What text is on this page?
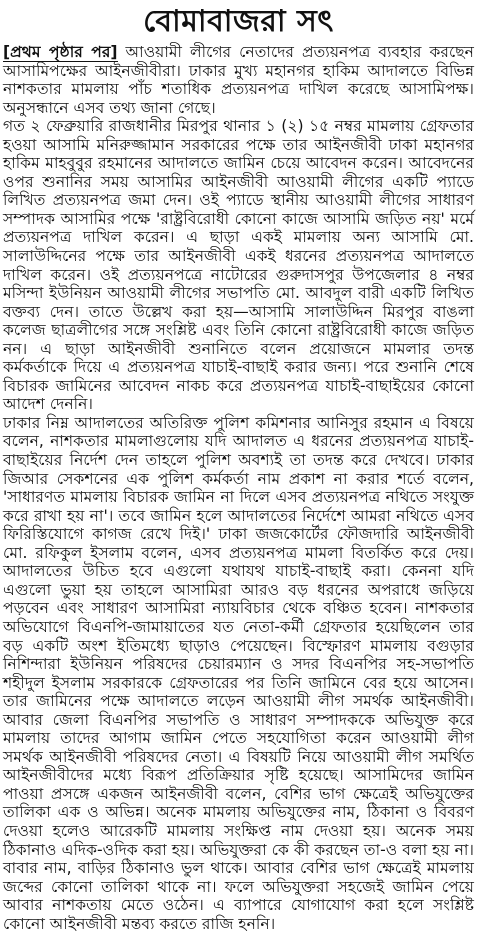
বোমাবাজরা সৎ

[প্রথম পৃষ্ঠার পর] আওয়ামী লীগের নেতাদের প্রত্যয়নপত্র ব্যবহার করছেন আসামিপক্ষের আইনজীবীরা। ঢাকার মুখ্য মহানগর হাকিম আদালতে বিভিন্ন নাশকতার মামলায় পাঁচ শতাধিক প্রত্যয়নপত্র দাখিল করেছে আসামিপক্ষ। অনুসন্ধানে এসব তথ্য জানা গেছে।

গত ২ ফেব্রুয়ারি রাজধানীর মিরপুর থানার ১ (২) ১৫ নম্বর মামলায় গ্রেফতার হওয়া আসামি মনিরুজ্জামান সরকারের পক্ষে তার আইনজীবী ঢাকা মহানগর হাকিম মাহবুবুর রহমানের আদালতে জামিন চেয়ে আবেদন করেন। আবেদনের ওপর শুনানির সময় আসামির আইনজীবী আওয়ামী লীগের একটি প্যাডে লিখিত প্রত্যয়নপত্র জমা দেন। ওই প্যাডে স্থানীয় আওয়ামী লীগের সাধারণ সম্পাদক আসামির পক্ষে 'রাষ্ট্রবিরোধী কোনো কাজে আসামি জড়িত নয়' মর্মে প্রত্যয়নপত্র দাখিল করেন। এ ছাড়া একই মামলায় অন্য আসামি মো. সালাউদ্দিনের পক্ষে তার আইনজীবী একই ধরনের প্রত্যয়নপত্র আদালতে দাখিল করেন। ওই প্রত্যয়নপত্রে নাটোরের গুরুদাসপুর উপজেলার ৪ নম্বর মসিন্দা ইউনিয়ন আওয়ামী লীগের সভাপতি মো. আবদুল বারী একটি লিখিত বক্তব্য দেন। তাতে উল্লেখ করা হয়—আসামি সালাউদ্দিন মিরপুর বাঙলা কলেজ ছাত্রলীগের সঙ্গে সংশ্লিষ্ট এবং তিনি কোনো রাষ্ট্রবিরোধী কাজে জড়িত নন। এ ছাড়া আইনজীবী শুনানিতে বলেন প্রয়োজনে মামলার তদন্ত কর্মকর্তাকে দিয়ে এ প্রত্যয়নপত্র যাচাই-বাছাই করার জন্য। পরে শুনানি শেষে বিচারক জামিনের আবেদন নাকচ করে প্রত্যয়নপত্র যাচাই-বাছাইয়ের কোনো আদেশ দেননি।

ঢাকার নিম্ন আদালতের অতিরিক্ত পুলিশ কমিশনার আনিসুর রহমান এ বিষয়ে বলেন, নাশকতার মামলাগুলোয় যদি আদালত এ ধরনের প্রত্যয়নপত্র যাচাই-বাছাইয়ের নির্দেশ দেন তাহলে পুলিশ অবশ্যই তা তদন্ত করে দেখবে। ঢাকার জিআর সেকশনের এক পুলিশ কর্মকর্তা নাম প্রকাশ না করার শর্তে বলেন, 'সাধারণত মামলায় বিচারক জামিন না দিলে এসব প্রত্যয়নপত্র নথিতে সংযুক্ত করে রাখা হয় না'। তবে জামিন হলে আদালতের নির্দেশে আমরা নথিতে এসব ফিরিস্তিযোগে কাগজ রেখে দিই।' ঢাকা জজকোর্টের ফৌজদারি আইনজীবী মো. রফিকুল ইসলাম বলেন, এসব প্রত্যয়নপত্র মামলা বিতর্কিত করে দেয়। আদালতের উচিত হবে এগুলো যথাযথ যাচাই-বাছাই করা। কেননা যদি এগুলো ভুয়া হয় তাহলে আসামিরা আরও বড় ধরনের অপরাধে জড়িয়ে পড়বেন এবং সাধারণ আসামিরা ন্যায়বিচার থেকে বঞ্চিত হবেন। নাশকতার অভিযোগে বিএনপি-জামায়াতের যত নেতা-কর্মী গ্রেফতার হয়েছিলেন তার বড় একটি অংশ ইতিমধ্যে ছাড়াও পেয়েছেন। বিস্ফোরণ মামলায় বগুড়ার নিশিন্দারা ইউনিয়ন পরিষদের চেয়ারম্যান ও সদর বিএনপির সহ-সভাপতি শহীদুল ইসলাম সরকারকে গ্রেফতারের পর তিনি জামিনে বের হয়ে আসেন। তার জামিনের পক্ষে আদালতে লড়েন আওয়ামী লীগ সমর্থক আইনজীবী। আবার জেলা বিএনপির সভাপতি ও সাধারণ সম্পাদককে অভিযুক্ত করে মামলায় তাদের আগাম জামিন পেতে সহযোগিতা করেন আওয়ামী লীগ সমর্থক আইনজীবী পরিষদের নেতা। এ বিষয়টি নিয়ে আওয়ামী লীগ সমর্থিত আইনজীবীদের মধ্যে বিরূপ প্রতিক্রিয়ার সৃষ্টি হয়েছে। আসামিদের জামিন পাওয়া প্রসঙ্গে একজন আইনজীবী বলেন, বেশির ভাগ ক্ষেত্রেই অভিযুক্তের তালিকা এক ও অভিন্ন। অনেক মামলায় অভিযুক্তের নাম, ঠিকানা ও বিবরণ দেওয়া হলেও আরেকটি মামলায় সংক্ষিপ্ত নাম দেওয়া হয়। অনেক সময় ঠিকানাও এদিক-ওদিক করা হয়। অভিযুক্তরা কে কী করছেন তা-ও বলা হয় না। বাবার নাম, বাড়ির ঠিকানাও ভুল থাকে। আবার বেশির ভাগ ক্ষেত্রেই মামলায় জব্দের কোনো তালিকা থাকে না। ফলে অভিযুক্তরা সহজেই জামিন পেয়ে আবার নাশকতায় মেতে ওঠেন। এ ব্যাপারে যোগাযোগ করা হলে সংশ্লিষ্ট কোনো আইনজীবী মন্তব্য করতে রাজি হননি।
